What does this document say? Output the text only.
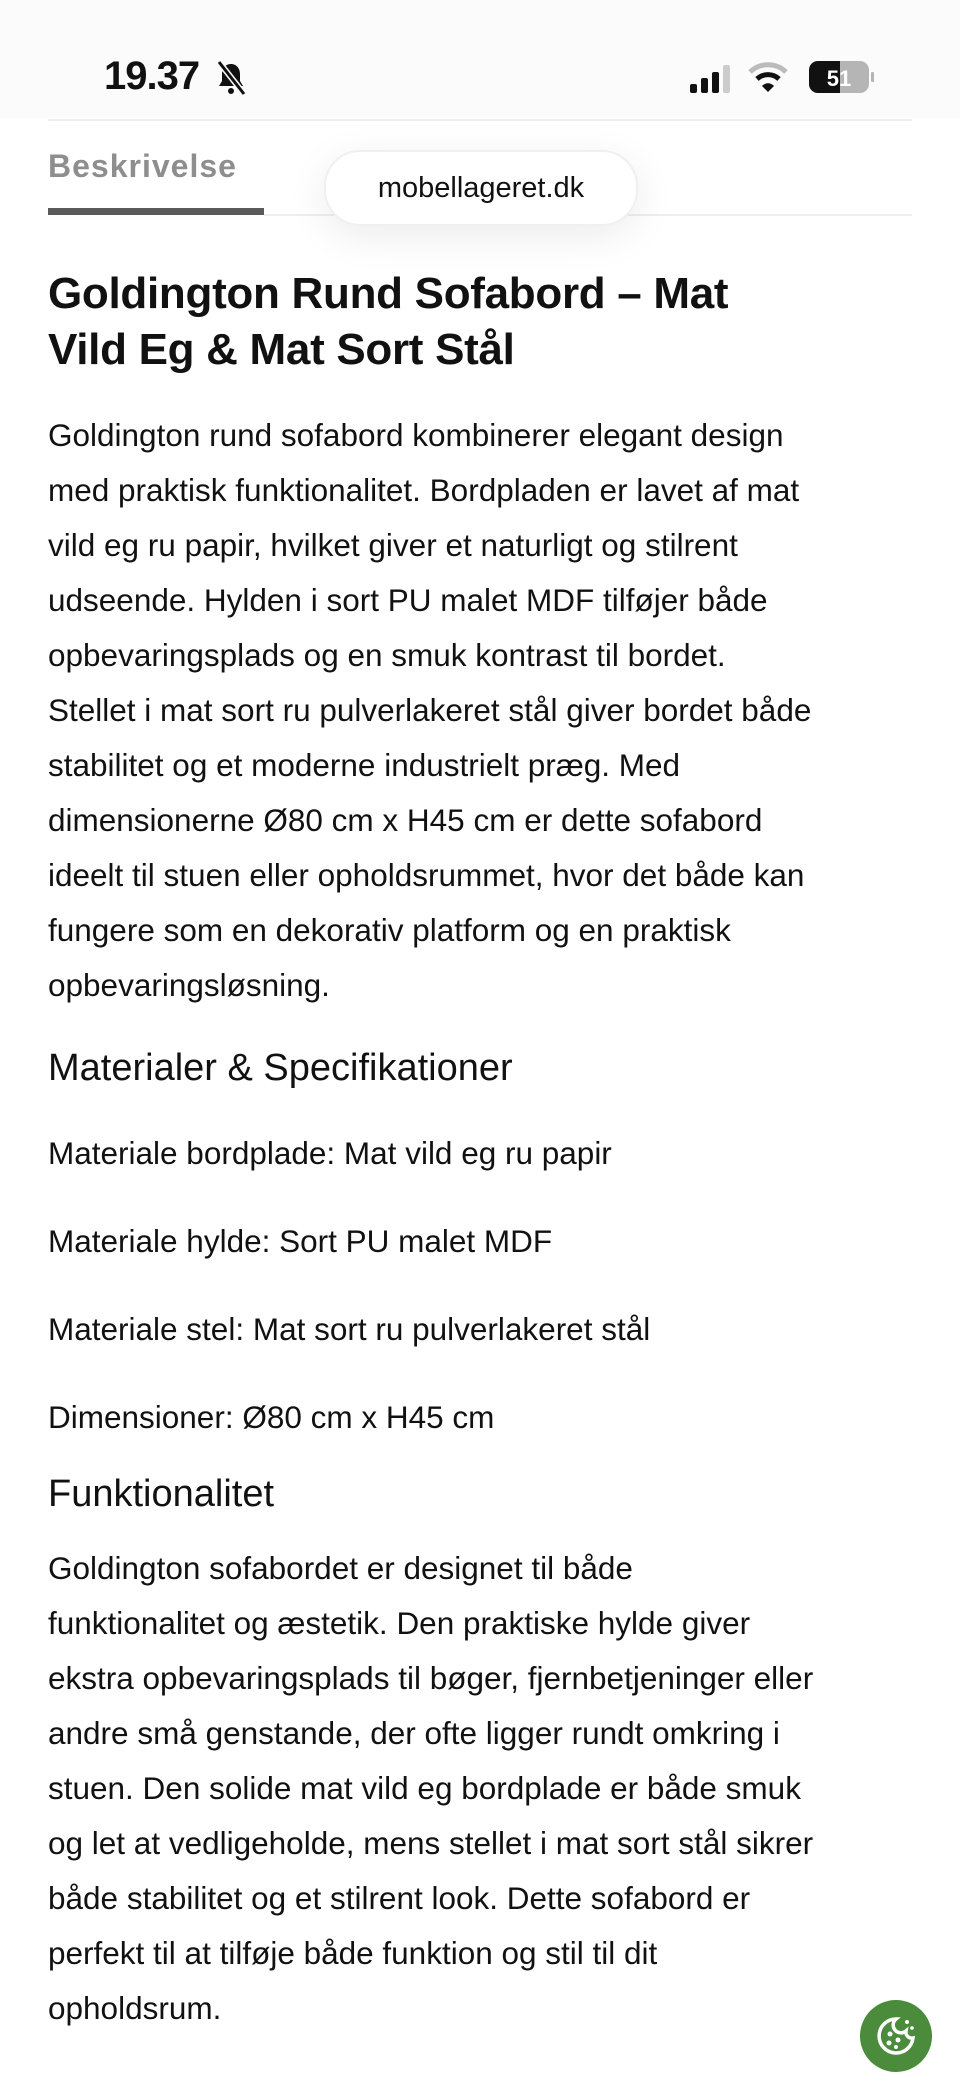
19.37	51
Beskrivelse
mobellageret.dk
Goldington Rund Sofabord – Mat
Vild Eg & Mat Sort Stål
Goldington rund sofabord kombinerer elegant design
med praktisk funktionalitet. Bordpladen er lavet af mat
vild eg ru papir, hvilket giver et naturligt og stilrent
udseende. Hylden i sort PU malet MDF tilføjer både
opbevaringsplads og en smuk kontrast til bordet.
Stellet i mat sort ru pulverlakeret stål giver bordet både
stabilitet og et moderne industrielt præg. Med
dimensionerne Ø80 cm x H45 cm er dette sofabord
ideelt til stuen eller opholdsrummet, hvor det både kan
fungere som en dekorativ platform og en praktisk
opbevaringsløsning.
Materialer & Specifikationer
Materiale bordplade: Mat vild eg ru papir
Materiale hylde: Sort PU malet MDF
Materiale stel: Mat sort ru pulverlakeret stål
Dimensioner: Ø80 cm x H45 cm
Funktionalitet
Goldington sofabordet er designet til både
funktionalitet og æstetik. Den praktiske hylde giver
ekstra opbevaringsplads til bøger, fjernbetjeninger eller
andre små genstande, der ofte ligger rundt omkring i
stuen. Den solide mat vild eg bordplade er både smuk
og let at vedligeholde, mens stellet i mat sort stål sikrer
både stabilitet og et stilrent look. Dette sofabord er
perfekt til at tilføje både funktion og stil til dit
opholdsrum.
